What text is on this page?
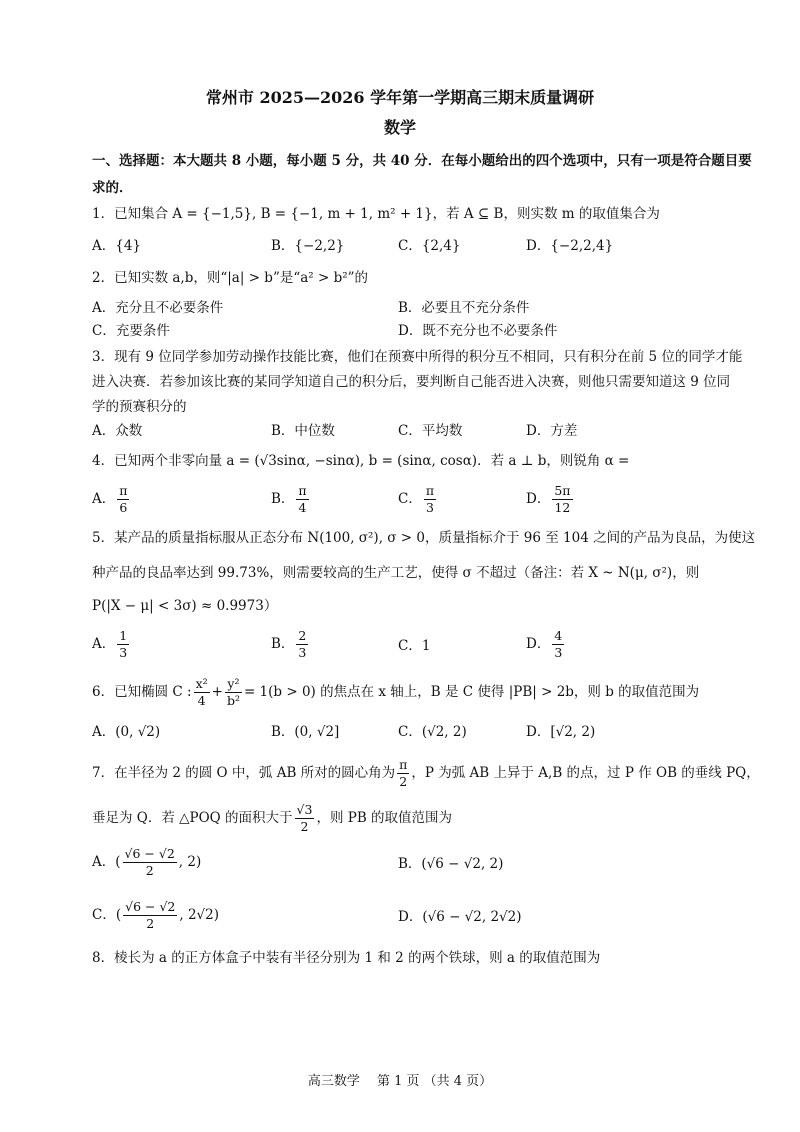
常州市 2025—2026 学年第一学期高三期末质量调研
数学
一、选择题：本大题共 8 小题，每小题 5 分，共 40 分．在每小题给出的四个选项中，只有一项是符合题目要
求的．
1．已知集合 A = {−1,5}, B = {−1, m + 1, m² + 1}，若 A ⊆ B，则实数 m 的取值集合为
A．{4}	B．{−2,2}	C．{2,4}	D．{−2,2,4}
2．已知实数 a,b，则“|a| > b”是“a² > b²”的
A．充分且不必要条件	B．必要且不充分条件
C．充要条件	D．既不充分也不必要条件
3．现有 9 位同学参加劳动操作技能比赛，他们在预赛中所得的积分互不相同，只有积分在前 5 位的同学才能
进入决赛．若参加该比赛的某同学知道自己的积分后，要判断自己能否进入决赛，则他只需要知道这 9 位同
学的预赛积分的
A．众数	B．中位数	C．平均数	D．方差
4．已知两个非零向量 a = (√3sinα, −sinα), b = (sinα, cosα)．若 a ⊥ b，则锐角 α =
A． $\frac{\pi}{6}$	B． $\frac{\pi}{4}$	C． $\frac{\pi}{3}$	D． $\frac{5\pi}{12}$
5．某产品的质量指标服从正态分布 N(100, σ²), σ > 0，质量指标介于 96 至 104 之间的产品为良品，为使这
种产品的良品率达到 99.73%，则需要较高的生产工艺，使得 σ 不超过（备注：若 X ~ N(μ, σ²)，则
P(|X − μ| < 3σ) ≈ 0.9973）
A． $\frac{1}{3}$	B． $\frac{2}{3}$	C．1	D． $\frac{4}{3}$
6．已知椭圆 C : $\frac{\text{x²}}{4} + \frac{\text{y²}}{\text{b²}} = 1(b > 0)$ 的焦点在 x 轴上，B 是 C 使得 |PB| > 2b，则 b 的取值范围为
A．(0, √2)	B．(0, √2]	C．(√2, 2)	D．[√2, 2)
7．在半径为 2 的圆 O 中，弧 AB 所对的圆心角为 $\frac{\pi}{2}$ ，P 为弧 AB 上异于 A,B 的点，过 P 作 OB 的垂线 PQ，
垂足为 Q．若 △POQ 的面积大于 $\frac{√3}{2}$ ，则 PB 的取值范围为
A．( $\frac{√6 - √2}{2}$ , 2)	B．(√6 − √2, 2)
C．( $\frac{√6 - √2}{2}$ , 2√2)	D．(√6 − √2, 2√2)
8．棱长为 a 的正方体盒子中装有半径分别为 1 和 2 的两个铁球，则 a 的取值范围为
高三数学　 第 1 页 （共 4 页）
